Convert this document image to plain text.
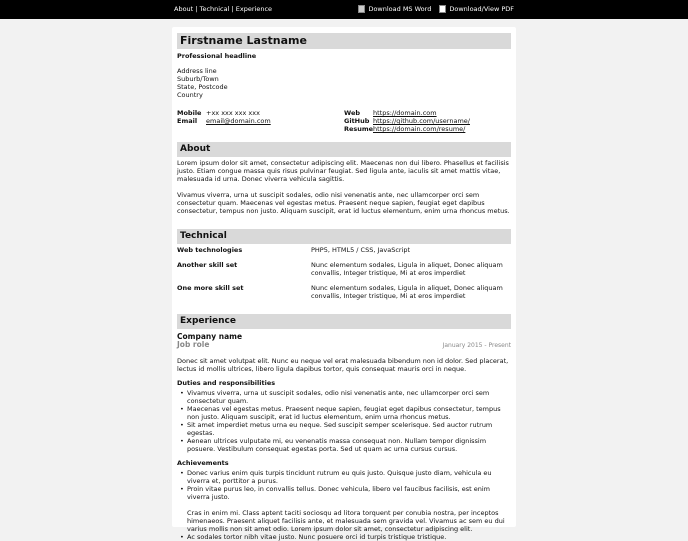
About | Technical | Experience	Download MS Word	Download/View PDF
Firstname Lastname
Professional headline
Address line
Suburb/Town
State, Postcode
Country
Mobile +xx xxx xxx xxx
Email	email@domain.com
Web	https://domain.com
GitHub https://github.com/username/
Resume https://domain.com/resume/
About

Lorem ipsum dolor sit amet, consectetur adipiscing elit. Maecenas non dui libero. Phasellus et facilisis justo. Etiam congue massa quis risus pulvinar feugiat. Sed ligula ante, iaculis sit amet mattis vitae, malesuada id urna. Donec viverra vehicula sagittis.

Vivamus viverra, urna ut suscipit sodales, odio nisi venenatis ante, nec ullamcorper orci sem consectetur quam. Maecenas vel egestas metus. Praesent neque sapien, feugiat eget dapibus consectetur, tempus non justo. Aliquam suscipit, erat id luctus elementum, enim urna rhoncus metus.

Technical
Web technologies	PHP5, HTML5 / CSS, JavaScript
Another skill set	Nunc elementum sodales, Ligula in aliquet, Donec aliquam convallis, Integer tristique, Mi at eros imperdiet
One more skill set	Nunc elementum sodales, Ligula in aliquet, Donec aliquam convallis, Integer tristique, Mi at eros imperdiet
Experience
Company name
Job role	January 2015 - Present

Donec sit amet volutpat elit. Nunc eu neque vel erat malesuada bibendum non id dolor. Sed placerat, lectus id mollis ultrices, libero ligula dapibus tortor, quis consequat mauris orci in neque.

Duties and responsibilities
• Vivamus viverra, urna ut suscipit sodales, odio nisi venenatis ante, nec ullamcorper orci sem consectetur quam.
• Maecenas vel egestas metus. Praesent neque sapien, feugiat eget dapibus consectetur, tempus non justo. Aliquam suscipit, erat id luctus elementum, enim urna rhoncus metus.
• Sit amet imperdiet metus urna eu neque. Sed suscipit semper scelerisque. Sed auctor rutrum egestas.
• Aenean ultrices vulputate mi, eu venenatis massa consequat non. Nullam tempor dignissim posuere. Vestibulum consequat egestas porta. Sed ut quam ac urna cursus cursus.
Achievements
• Donec varius enim quis turpis tincidunt rutrum eu quis justo. Quisque justo diam, vehicula eu viverra et, porttitor a purus.
• Proin vitae purus leo, in convallis tellus. Donec vehicula, libero vel faucibus facilisis, est enim viverra justo.

Cras in enim mi. Class aptent taciti sociosqu ad litora torquent per conubia nostra, per inceptos himenaeos. Praesent aliquet facilisis ante, et malesuada sem gravida vel. Vivamus ac sem eu dui varius mollis non sit amet odio. Lorem ipsum dolor sit amet, consectetur adipiscing elit.

• Ac sodales tortor nibh vitae justo. Nunc posuere orci id turpis tristique tristique.
